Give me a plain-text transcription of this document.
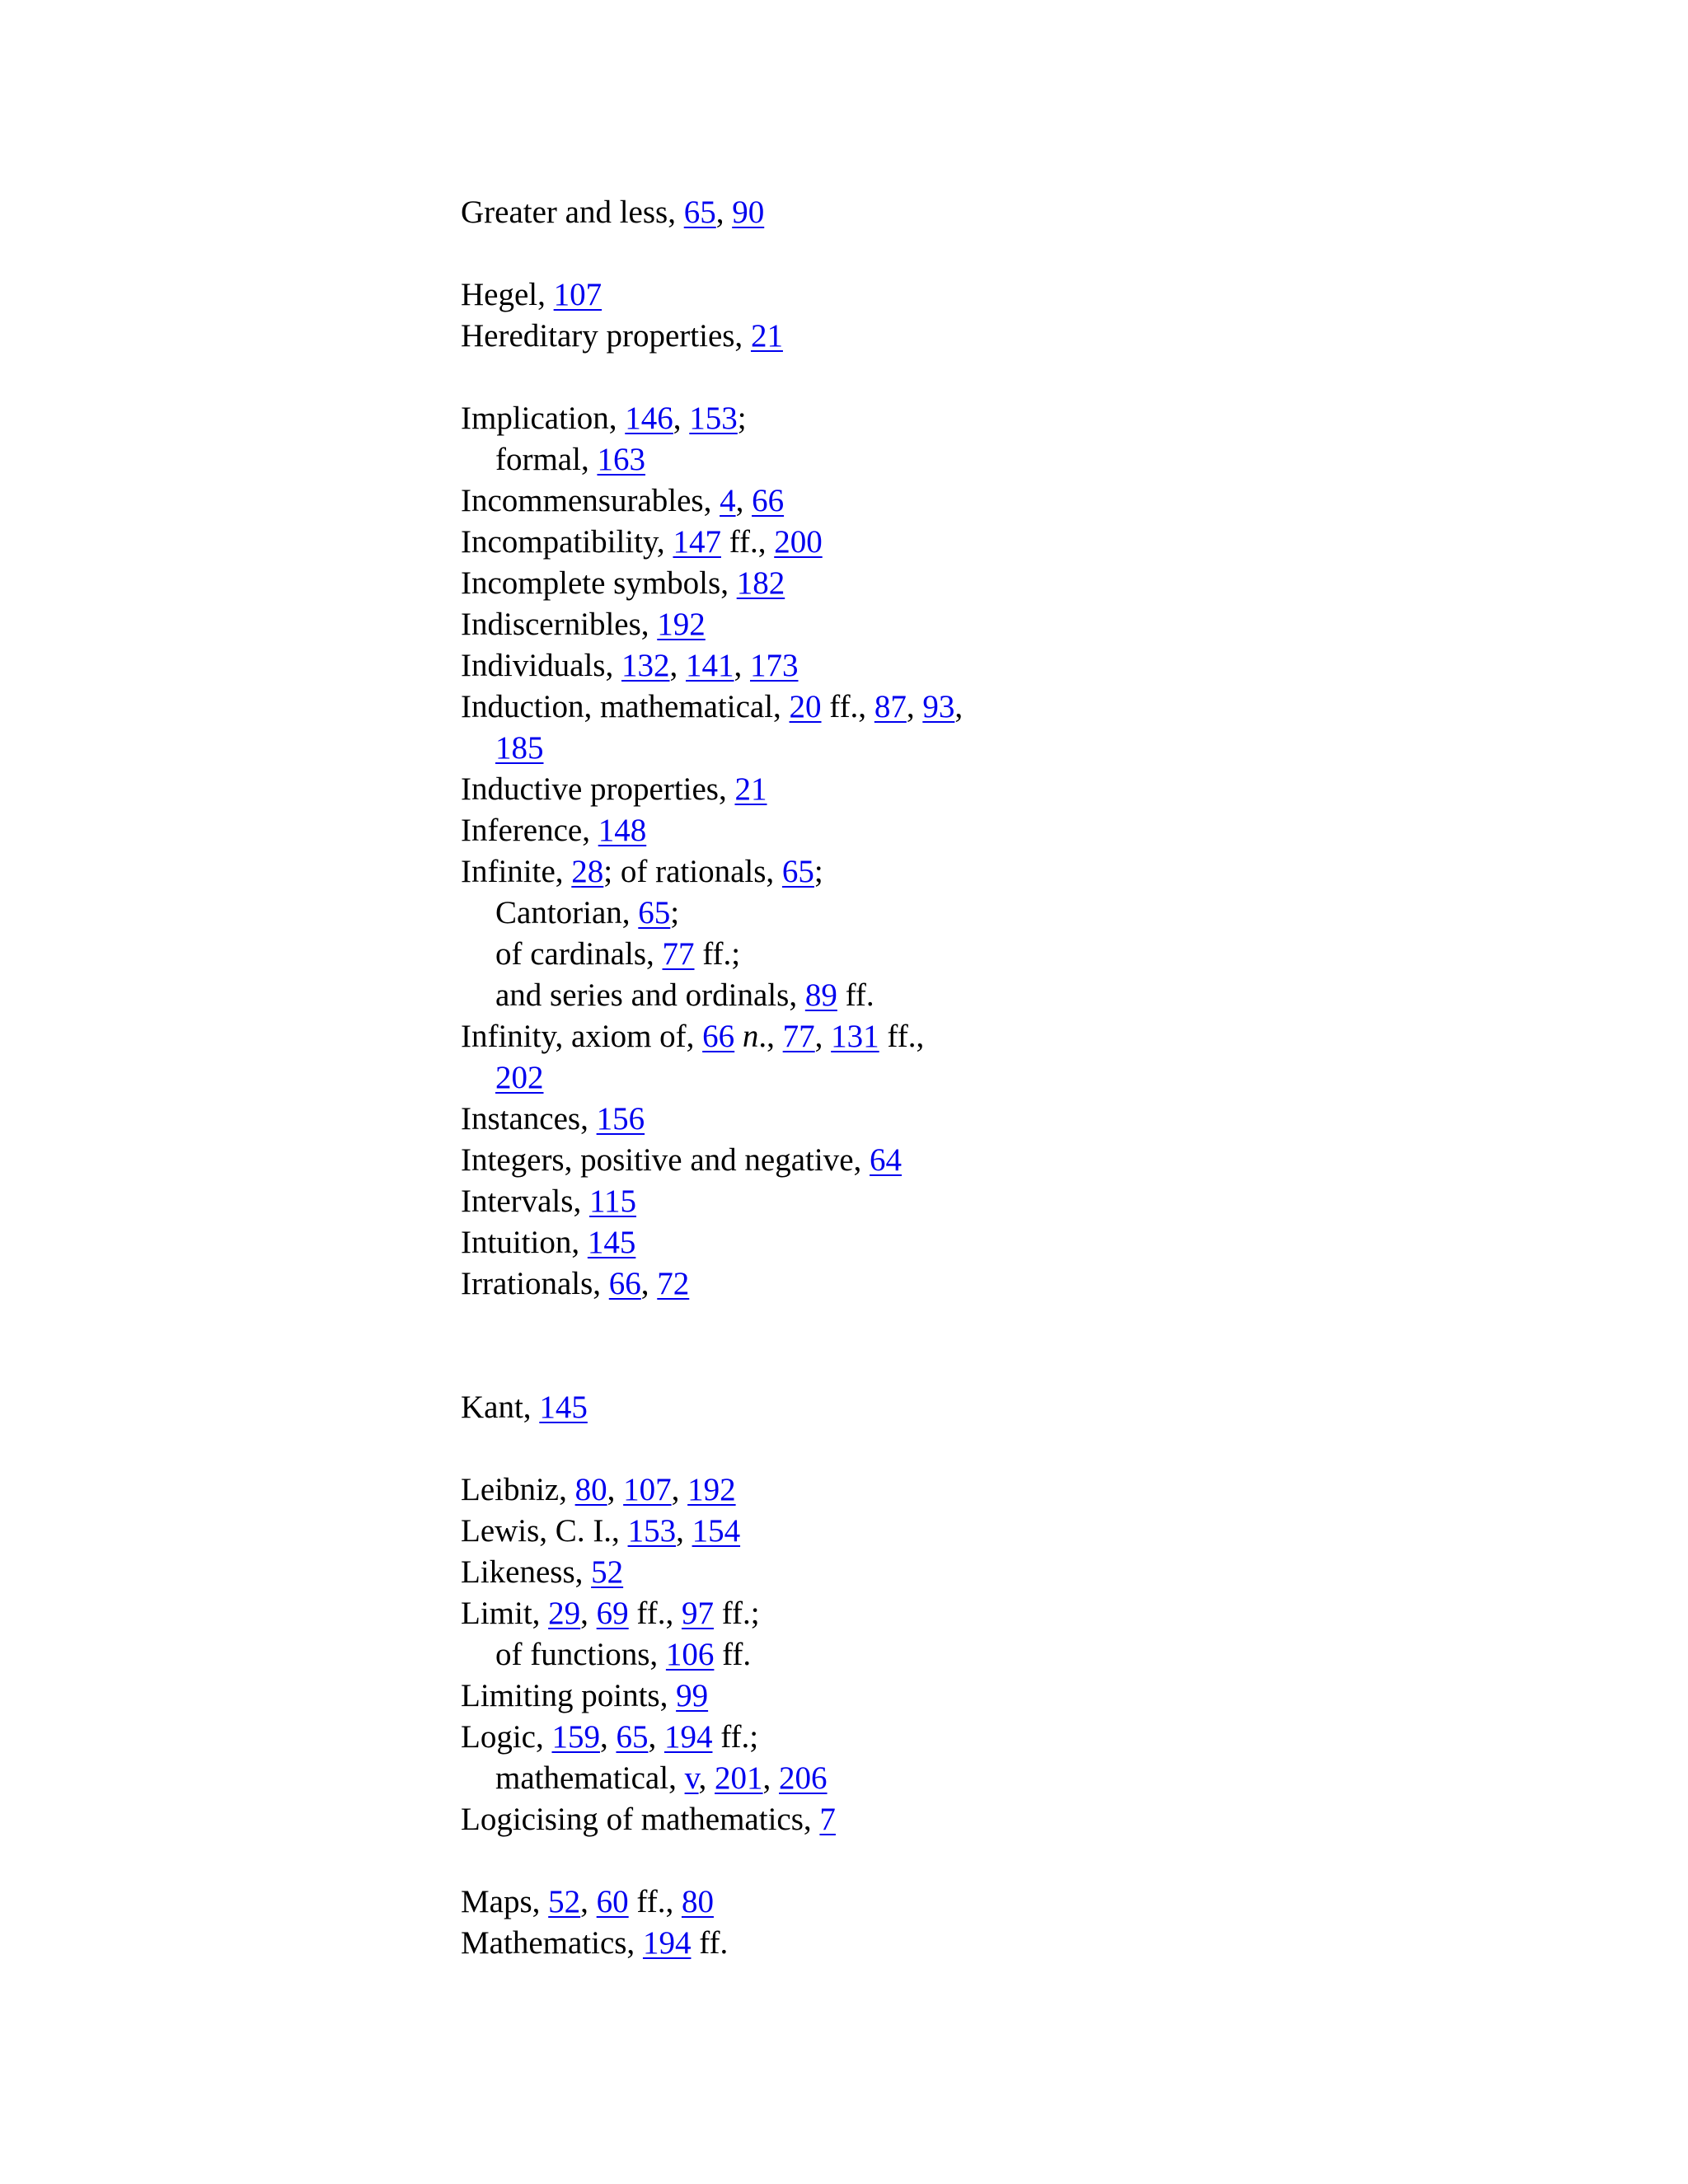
Greater and less, 65, 90
Hegel, 107
Hereditary properties, 21
Implication, 146, 153;
formal, 163
Incommensurables, 4, 66
Incompatibility, 147 ff., 200
Incomplete symbols, 182
Indiscernibles, 192
Individuals, 132, 141, 173
Induction, mathematical, 20 ff., 87, 93,
185
Inductive properties, 21
Inference, 148
Infinite, 28; of rationals, 65;
Cantorian, 65;
of cardinals, 77 ff.;
and series and ordinals, 89 ff.
Infinity, axiom of, 66 n., 77, 131 ff.,
202
Instances, 156
Integers, positive and negative, 64
Intervals, 115
Intuition, 145
Irrationals, 66, 72
Kant, 145
Leibniz, 80, 107, 192
Lewis, C. I., 153, 154
Likeness, 52
Limit, 29, 69 ff., 97 ff.;
of functions, 106 ff.
Limiting points, 99
Logic, 159, 65, 194 ff.;
mathematical, v, 201, 206
Logicising of mathematics, 7
Maps, 52, 60 ff., 80
Mathematics, 194 ff.
